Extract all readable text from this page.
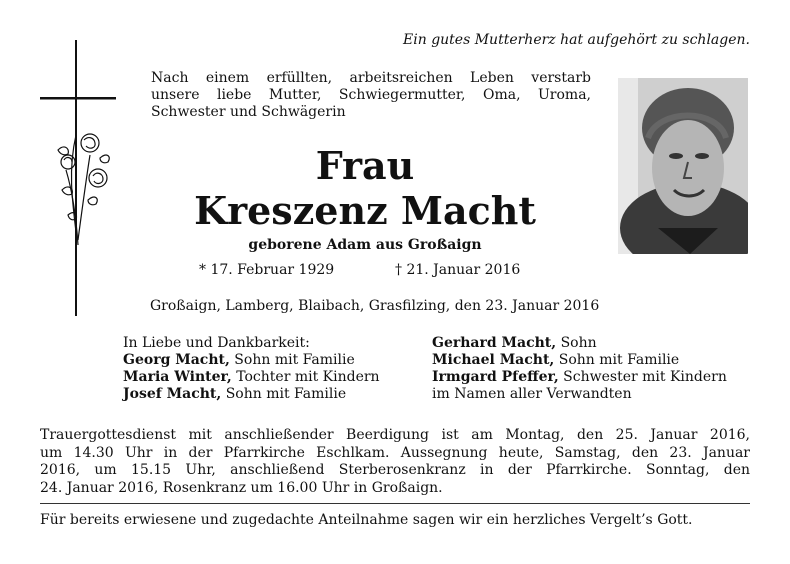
Ein gutes Mutterherz hat aufgehört zu schlagen.
Nach einem erfüllten, arbeitsreichen Leben verstarb
unsere liebe Mutter, Schwiegermutter, Oma, Uroma,
Schwester und Schwägerin
Frau
Kreszenz Macht
geborene Adam aus Großaign
* 17. Februar 1929	† 21. Januar 2016
Großaign, Lamberg, Blaibach, Grasfilzing, den 23. Januar 2016
In Liebe und Dankbarkeit:
Georg Macht, Sohn mit Familie
Maria Winter, Tochter mit Kindern
Josef Macht, Sohn mit Familie
Gerhard Macht, Sohn
Michael Macht, Sohn mit Familie
Irmgard Pfeffer, Schwester mit Kindern
im Namen aller Verwandten
Trauergottesdienst mit anschließender Beerdigung ist am Montag, den 25. Januar 2016,
um 14.30 Uhr in der Pfarrkirche Eschlkam. Aussegnung heute, Samstag, den 23. Januar
2016, um 15.15 Uhr, anschließend Sterberosenkranz in der Pfarrkirche. Sonntag, den
24. Januar 2016, Rosenkranz um 16.00 Uhr in Großaign.
Für bereits erwiesene und zugedachte Anteilnahme sagen wir ein herzliches Vergelt’s Gott.
